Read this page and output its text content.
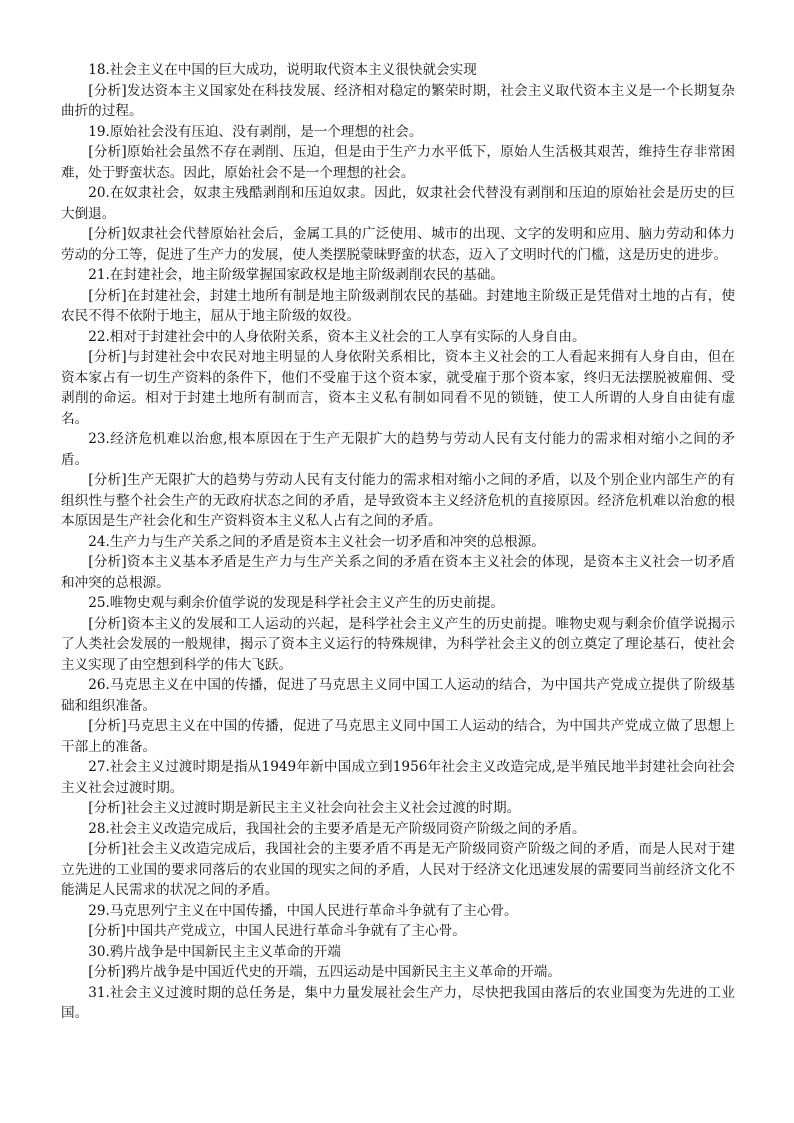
18.社会主义在中国的巨大成功，说明取代资本主义很快就会实现

[分析]发达资本主义国家处在科技发展、经济相对稳定的繁荣时期，社会主义取代资本主义是一个长期复杂曲折的过程。

19.原始社会没有压迫、没有剥削，是一个理想的社会。

[分析]原始社会虽然不存在剥削、压迫，但是由于生产力水平低下，原始人生活极其艰苦，维持生存非常困难，处于野蛮状态。因此，原始社会不是一个理想的社会。

20.在奴隶社会，奴隶主残酷剥削和压迫奴隶。因此，奴隶社会代替没有剥削和压迫的原始社会是历史的巨大倒退。

[分析]奴隶社会代替原始社会后，金属工具的广泛使用、城市的出现、文字的发明和应用、脑力劳动和体力劳动的分工等，促进了生产力的发展，使人类摆脱蒙昧野蛮的状态，迈入了文明时代的门槛，这是历史的进步。

21.在封建社会，地主阶级掌握国家政权是地主阶级剥削农民的基础。

[分析]在封建社会，封建土地所有制是地主阶级剥削农民的基础。封建地主阶级正是凭借对土地的占有，使农民不得不依附于地主，屈从于地主阶级的奴役。

22.相对于封建社会中的人身依附关系，资本主义社会的工人享有实际的人身自由。

[分析]与封建社会中农民对地主明显的人身依附关系相比，资本主义社会的工人看起来拥有人身自由，但在资本家占有一切生产资料的条件下，他们不受雇于这个资本家，就受雇于那个资本家，终归无法摆脱被雇佣、受剥削的命运。相对于封建土地所有制而言，资本主义私有制如同看不见的锁链，使工人所谓的人身自由徒有虚名。

23.经济危机难以治愈,根本原因在于生产无限扩大的趋势与劳动人民有支付能力的需求相对缩小之间的矛盾。

[分析]生产无限扩大的趋势与劳动人民有支付能力的需求相对缩小之间的矛盾，以及个别企业内部生产的有组织性与整个社会生产的无政府状态之间的矛盾，是导致资本主义经济危机的直接原因。经济危机难以治愈的根本原因是生产社会化和生产资料资本主义私人占有之间的矛盾。

24.生产力与生产关系之间的矛盾是资本主义社会一切矛盾和冲突的总根源。

[分析]资本主义基本矛盾是生产力与生产关系之间的矛盾在资本主义社会的体现，是资本主义社会一切矛盾和冲突的总根源。

25.唯物史观与剩余价值学说的发现是科学社会主义产生的历史前提。

[分析]资本主义的发展和工人运动的兴起，是科学社会主义产生的历史前提。唯物史观与剩余价值学说揭示了人类社会发展的一般规律，揭示了资本主义运行的特殊规律，为科学社会主义的创立奠定了理论基石，使社会主义实现了由空想到科学的伟大飞跃。

26.马克思主义在中国的传播，促进了马克思主义同中国工人运动的结合，为中国共产党成立提供了阶级基础和组织准备。

[分析]马克思主义在中国的传播，促进了马克思主义同中国工人运动的结合，为中国共产党成立做了思想上干部上的准备。

27.社会主义过渡时期是指从1949年新中国成立到1956年社会主义改造完成,是半殖民地半封建社会向社会主义社会过渡时期。

[分析]社会主义过渡时期是新民主主义社会向社会主义社会过渡的时期。

28.社会主义改造完成后，我国社会的主要矛盾是无产阶级同资产阶级之间的矛盾。

[分析]社会主义改造完成后，我国社会的主要矛盾不再是无产阶级同资产阶级之间的矛盾，而是人民对于建立先进的工业国的要求同落后的农业国的现实之间的矛盾，人民对于经济文化迅速发展的需要同当前经济文化不能满足人民需求的状况之间的矛盾。

29.马克思列宁主义在中国传播，中国人民进行革命斗争就有了主心骨。

[分析]中国共产党成立，中国人民进行革命斗争就有了主心骨。

30.鸦片战争是中国新民主主义革命的开端

[分析]鸦片战争是中国近代史的开端，五四运动是中国新民主主义革命的开端。

31.社会主义过渡时期的总任务是，集中力量发展社会生产力，尽快把我国由落后的农业国变为先进的工业国。
